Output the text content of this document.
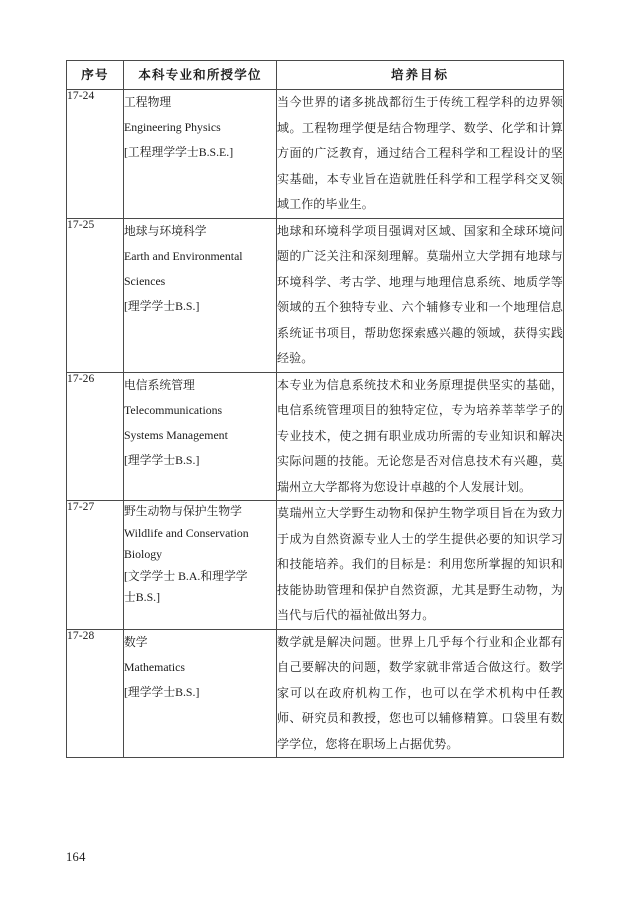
序号	本科专业和所授学位	培养目标
17-24	工程物理
Engineering Physics
[工程理学学士B.S.E.]	当今世界的诸多挑战都衍生于传统工程学科的边界领域。工程物理学便是结合物理学、数学、化学和计算方面的广泛教育，通过结合工程科学和工程设计的坚实基础，本专业旨在造就胜任科学和工程学科交叉领域工作的毕业生。

17-25	地球与环境科学
Earth and Environmental
Sciences
[理学学士B.S.]	地球和环境科学项目强调对区域、国家和全球环境问题的广泛关注和深刻理解。莫瑞州立大学拥有地球与环境科学、考古学、地理与地理信息系统、地质学等领域的五个独特专业、六个辅修专业和一个地理信息系统证书项目，帮助您探索感兴趣的领域，获得实践经验。

17-26	电信系统管理
Telecommunications
Systems Management
[理学学士B.S.]	本专业为信息系统技术和业务原理提供坚实的基础，电信系统管理项目的独特定位，专为培养莘莘学子的专业技术，使之拥有职业成功所需的专业知识和解决实际问题的技能。无论您是否对信息技术有兴趣，莫瑞州立大学都将为您设计卓越的个人发展计划。

17-27	野生动物与保护生物学
Wildlife and Conservation
Biology
[文学学士 B.A.和理学学
士B.S.]	莫瑞州立大学野生动物和保护生物学项目旨在为致力于成为自然资源专业人士的学生提供必要的知识学习和技能培养。我们的目标是：利用您所掌握的知识和技能协助管理和保护自然资源，尤其是野生动物，为当代与后代的福祉做出努力。

17-28	数学
Mathematics
[理学学士B.S.]	数学就是解决问题。世界上几乎每个行业和企业都有自己要解决的问题，数学家就非常适合做这行。数学家可以在政府机构工作，也可以在学术机构中任教师、研究员和教授，您也可以辅修精算。口袋里有数学学位，您将在职场上占据优势。

164
